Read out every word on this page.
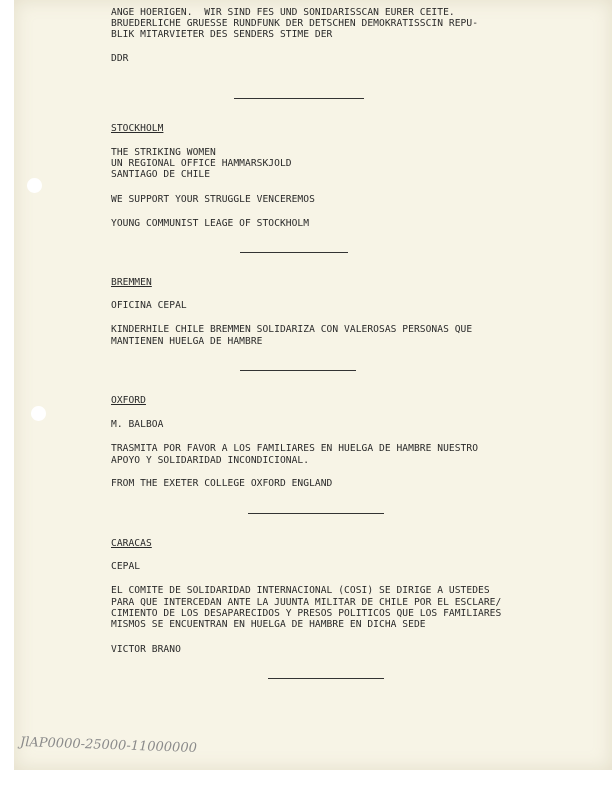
ANGE HOERIGEN.  WIR SIND FES UND SONIDARISSCAN EURER CEITE.
BRUEDERLICHE GRUESSE RUNDFUNK DER DETSCHEN DEMOKRATISSCIN REPU-
BLIK MITARVIETER DES SENDERS STIME DER
DDR
STOCKHOLM
THE STRIKING WOMEN
UN REGIONAL OFFICE HAMMARSKJOLD
SANTIAGO DE CHILE
WE SUPPORT YOUR STRUGGLE VENCEREMOS
YOUNG COMMUNIST LEAGE OF STOCKHOLM
BREMMEN
OFICINA CEPAL
KINDERHILE CHILE BREMMEN SOLIDARIZA CON VALEROSAS PERSONAS QUE
MANTIENEN HUELGA DE HAMBRE
OXFORD
M. BALBOA
TRASMITA POR FAVOR A LOS FAMILIARES EN HUELGA DE HAMBRE NUESTRO
APOYO Y SOLIDARIDAD INCONDICIONAL.
FROM THE EXETER COLLEGE OXFORD ENGLAND
CARACAS
CEPAL
EL COMITE DE SOLIDARIDAD INTERNACIONAL (COSI) SE DIRIGE A USTEDES
PARA QUE INTERCEDAN ANTE LA JUUNTA MILITAR DE CHILE POR EL ESCLARE/
CIMIENTO DE LOS DESAPARECIDOS Y PRESOS POLITICOS QUE LOS FAMILIARES
MISMOS SE ENCUENTRAN EN HUELGA DE HAMBRE EN DICHA SEDE
VICTOR BRANO
JlAP0000-25000-11000000
